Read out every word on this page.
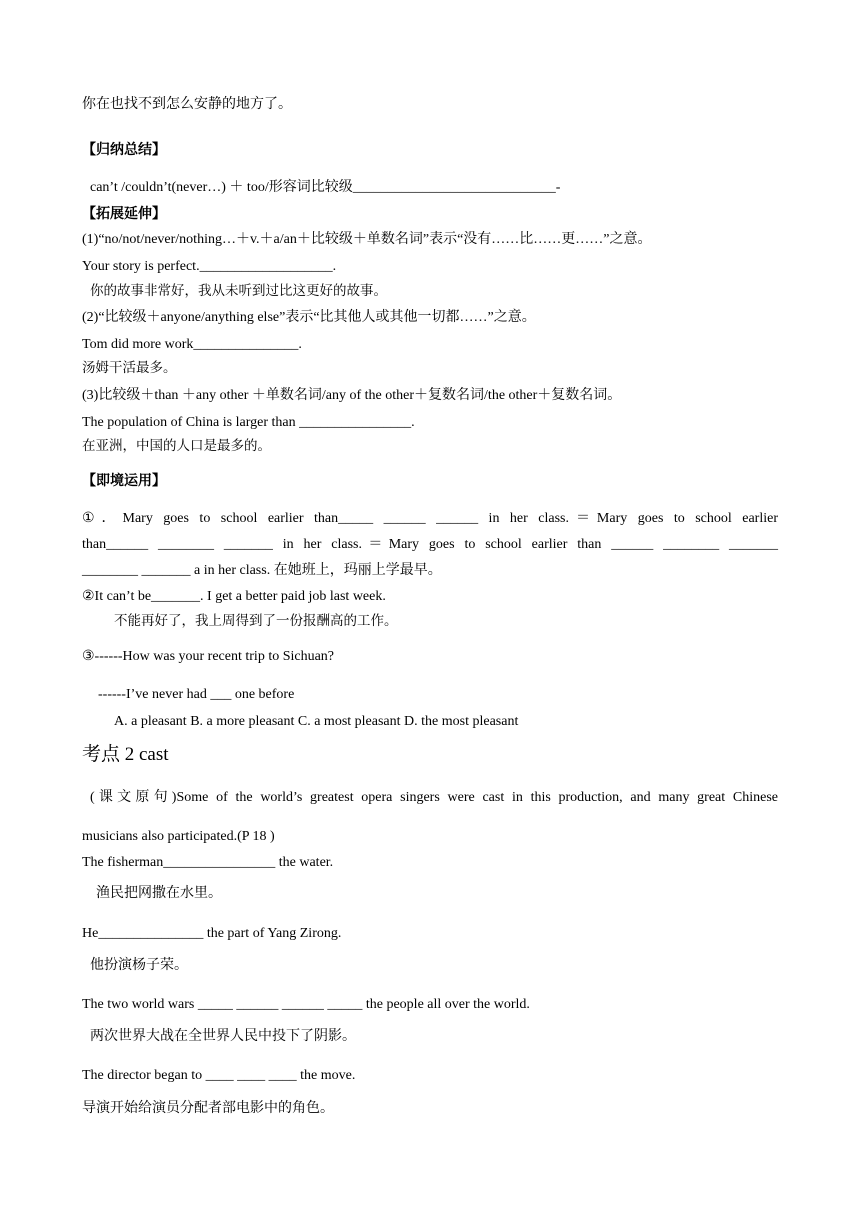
你在也找不到怎么安静的地方了。
【归纳总结】
can’t /couldn’t(never…) ＋ too/形容词比较级_____________________________-
【拓展延伸】
(1)“no/not/never/nothing…＋v.＋a/an＋比较级＋单数名词”表示“没有……比……更……”之意。
Your story is perfect.___________________.
你的故事非常好，我从未听到过比这更好的故事。
(2)“比较级＋anyone/anything else”表示“比其他人或其他一切都……”之意。
Tom did more work_______________.
汤姆干活最多。
(3)比较级＋than ＋any other ＋单数名词/any of the other＋复数名词/the other＋复数名词。
The population of China is larger than ________________.
在亚洲，中国的人口是最多的。
【即境运用】
①．Mary goes to school earlier than_____ ______ ______ in her class.＝Mary goes to school earlier
than______ ________ _______ in her class.＝Mary goes to school earlier than ______ ________ _______
________ _______ a in her class. 在她班上，玛丽上学最早。
②It can’t be_______. I get a better paid job last week.
不能再好了，我上周得到了一份报酬高的工作。
③------How was your recent trip to Sichuan?
------I’ve never had ___ one before
A. a pleasant B. a more pleasant C. a most pleasant D. the most pleasant
考点 2 cast
(课文原句)Some of the world’s greatest opera singers were cast in this production, and many great Chinese
musicians also participated.(P 18 )
The fisherman________________ the water.
渔民把网撒在水里。
He_______________ the part of Yang Zirong.
他扮演杨子荣。
The two world wars _____ ______ ______ _____ the people all over the world.
两次世界大战在全世界人民中投下了阴影。
The director began to ____ ____ ____ the move.
导演开始给演员分配者部电影中的角色。
